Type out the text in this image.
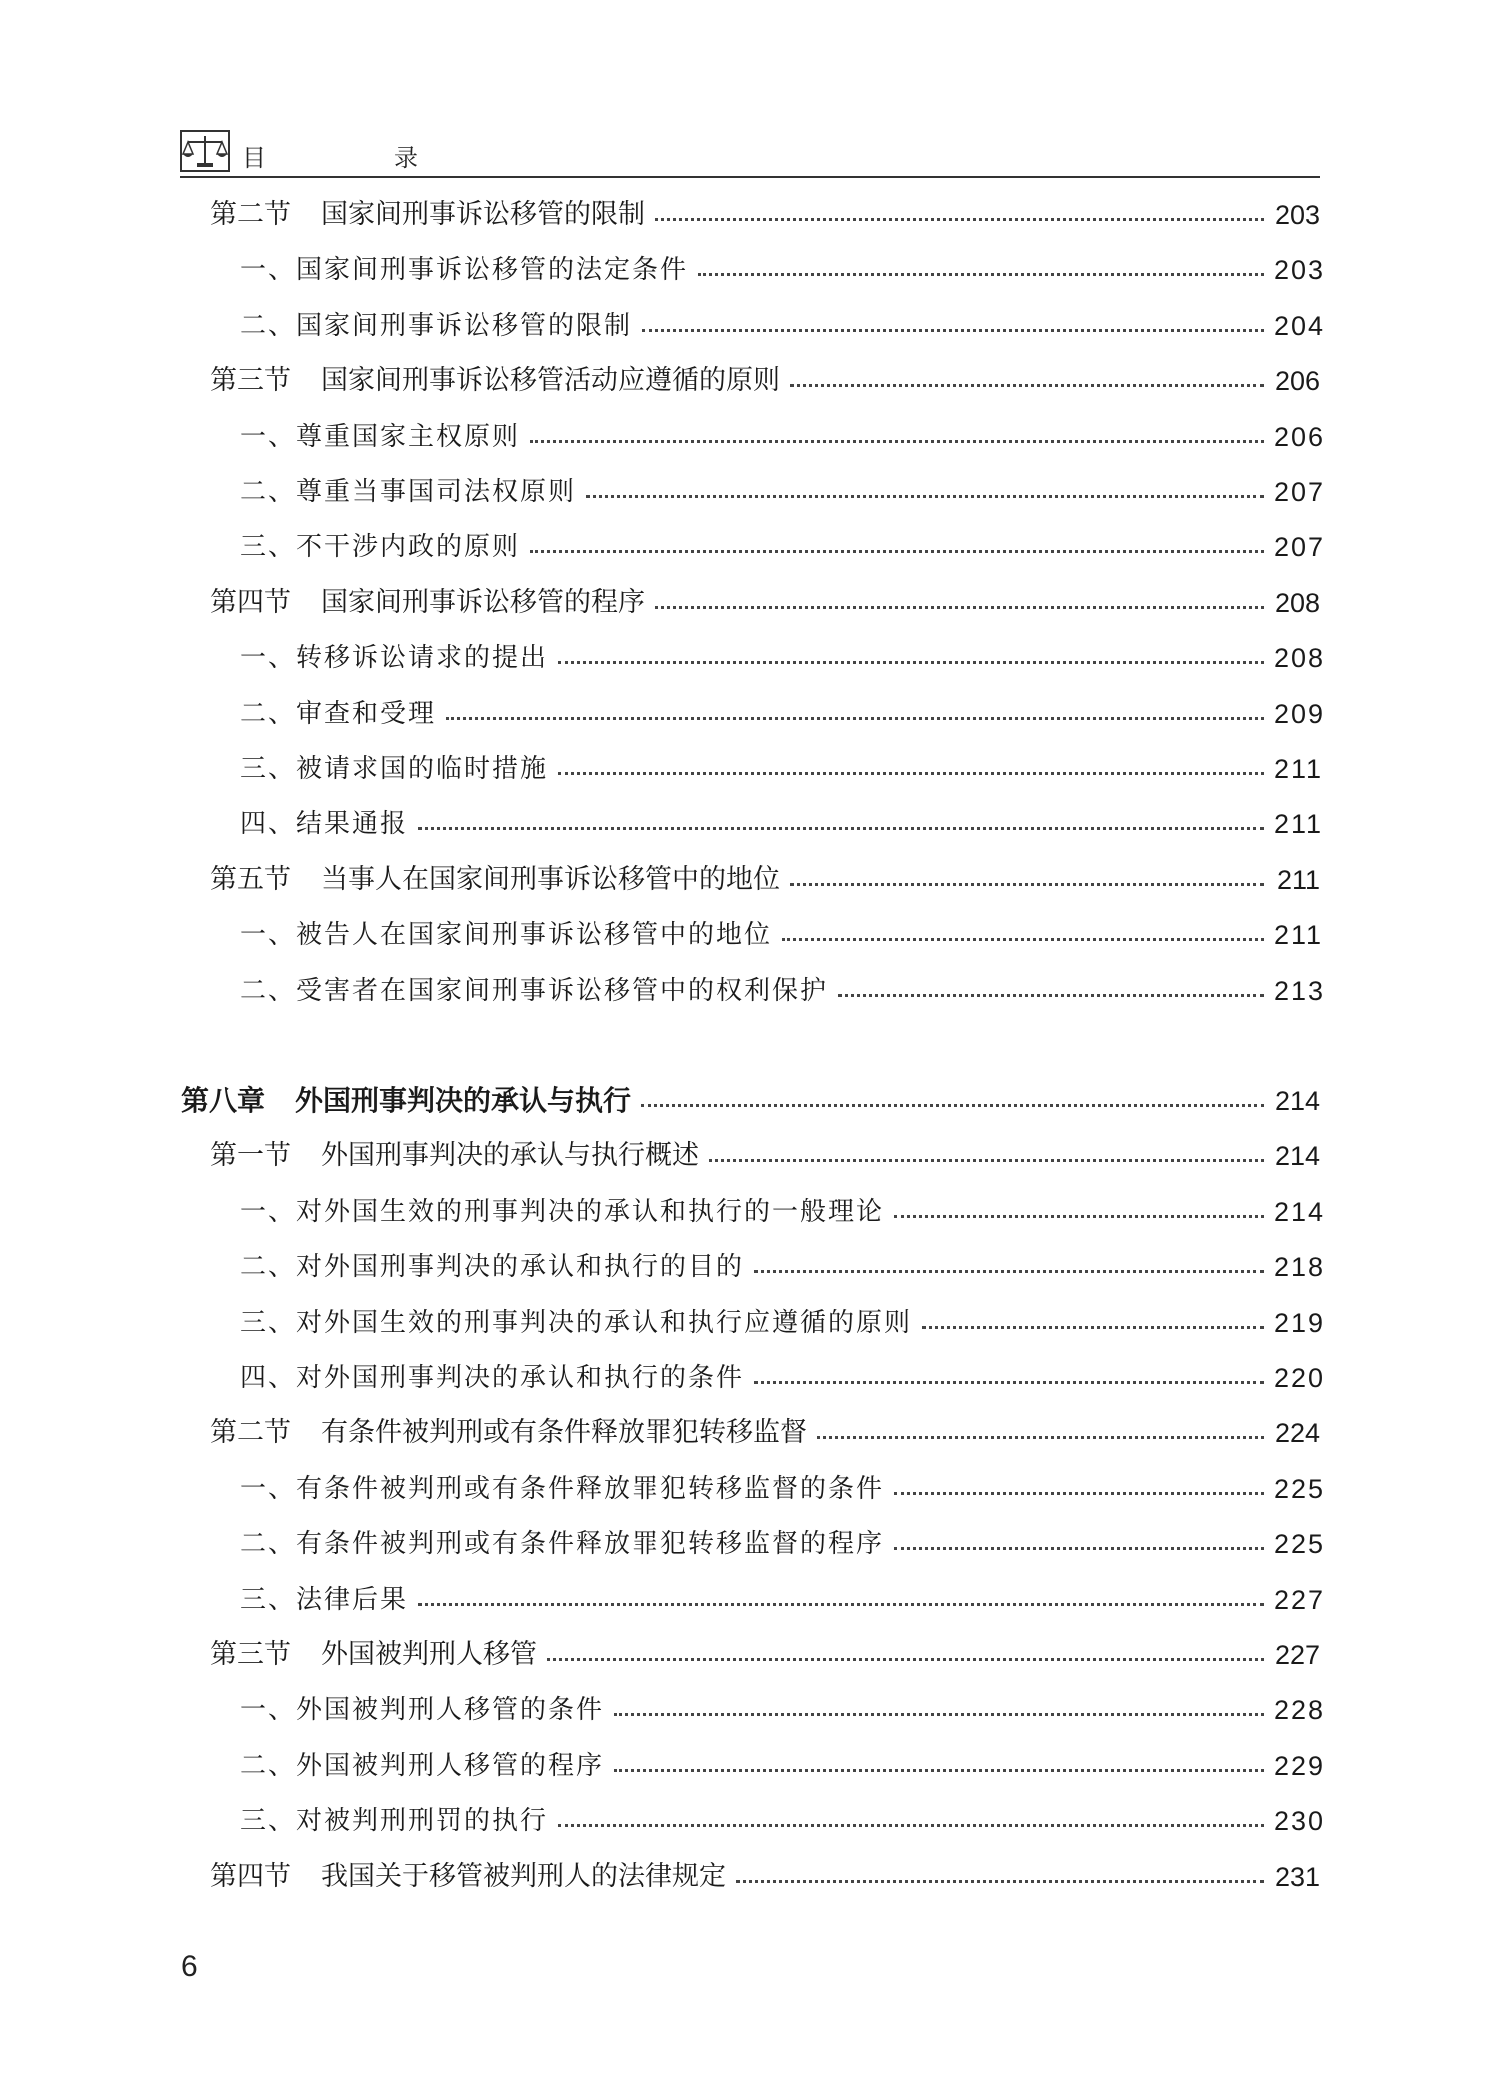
目　录
第二节 国家间刑事诉讼移管的限制	203
一、国家间刑事诉讼移管的法定条件	203
二、国家间刑事诉讼移管的限制	204
第三节 国家间刑事诉讼移管活动应遵循的原则	206
一、尊重国家主权原则	206
二、尊重当事国司法权原则	207
三、不干涉内政的原则	207
第四节 国家间刑事诉讼移管的程序	208
一、转移诉讼请求的提出	208
二、审查和受理	209
三、被请求国的临时措施	211
四、结果通报	211
第五节 当事人在国家间刑事诉讼移管中的地位	211
一、被告人在国家间刑事诉讼移管中的地位	211
二、受害者在国家间刑事诉讼移管中的权利保护	213
第八章 外国刑事判决的承认与执行	214
第一节 外国刑事判决的承认与执行概述	214
一、对外国生效的刑事判决的承认和执行的一般理论	214
二、对外国刑事判决的承认和执行的目的	218
三、对外国生效的刑事判决的承认和执行应遵循的原则	219
四、对外国刑事判决的承认和执行的条件	220
第二节 有条件被判刑或有条件释放罪犯转移监督	224
一、有条件被判刑或有条件释放罪犯转移监督的条件	225
二、有条件被判刑或有条件释放罪犯转移监督的程序	225
三、法律后果	227
第三节 外国被判刑人移管	227
一、外国被判刑人移管的条件	228
二、外国被判刑人移管的程序	229
三、对被判刑刑罚的执行	230
第四节 我国关于移管被判刑人的法律规定	231
6
